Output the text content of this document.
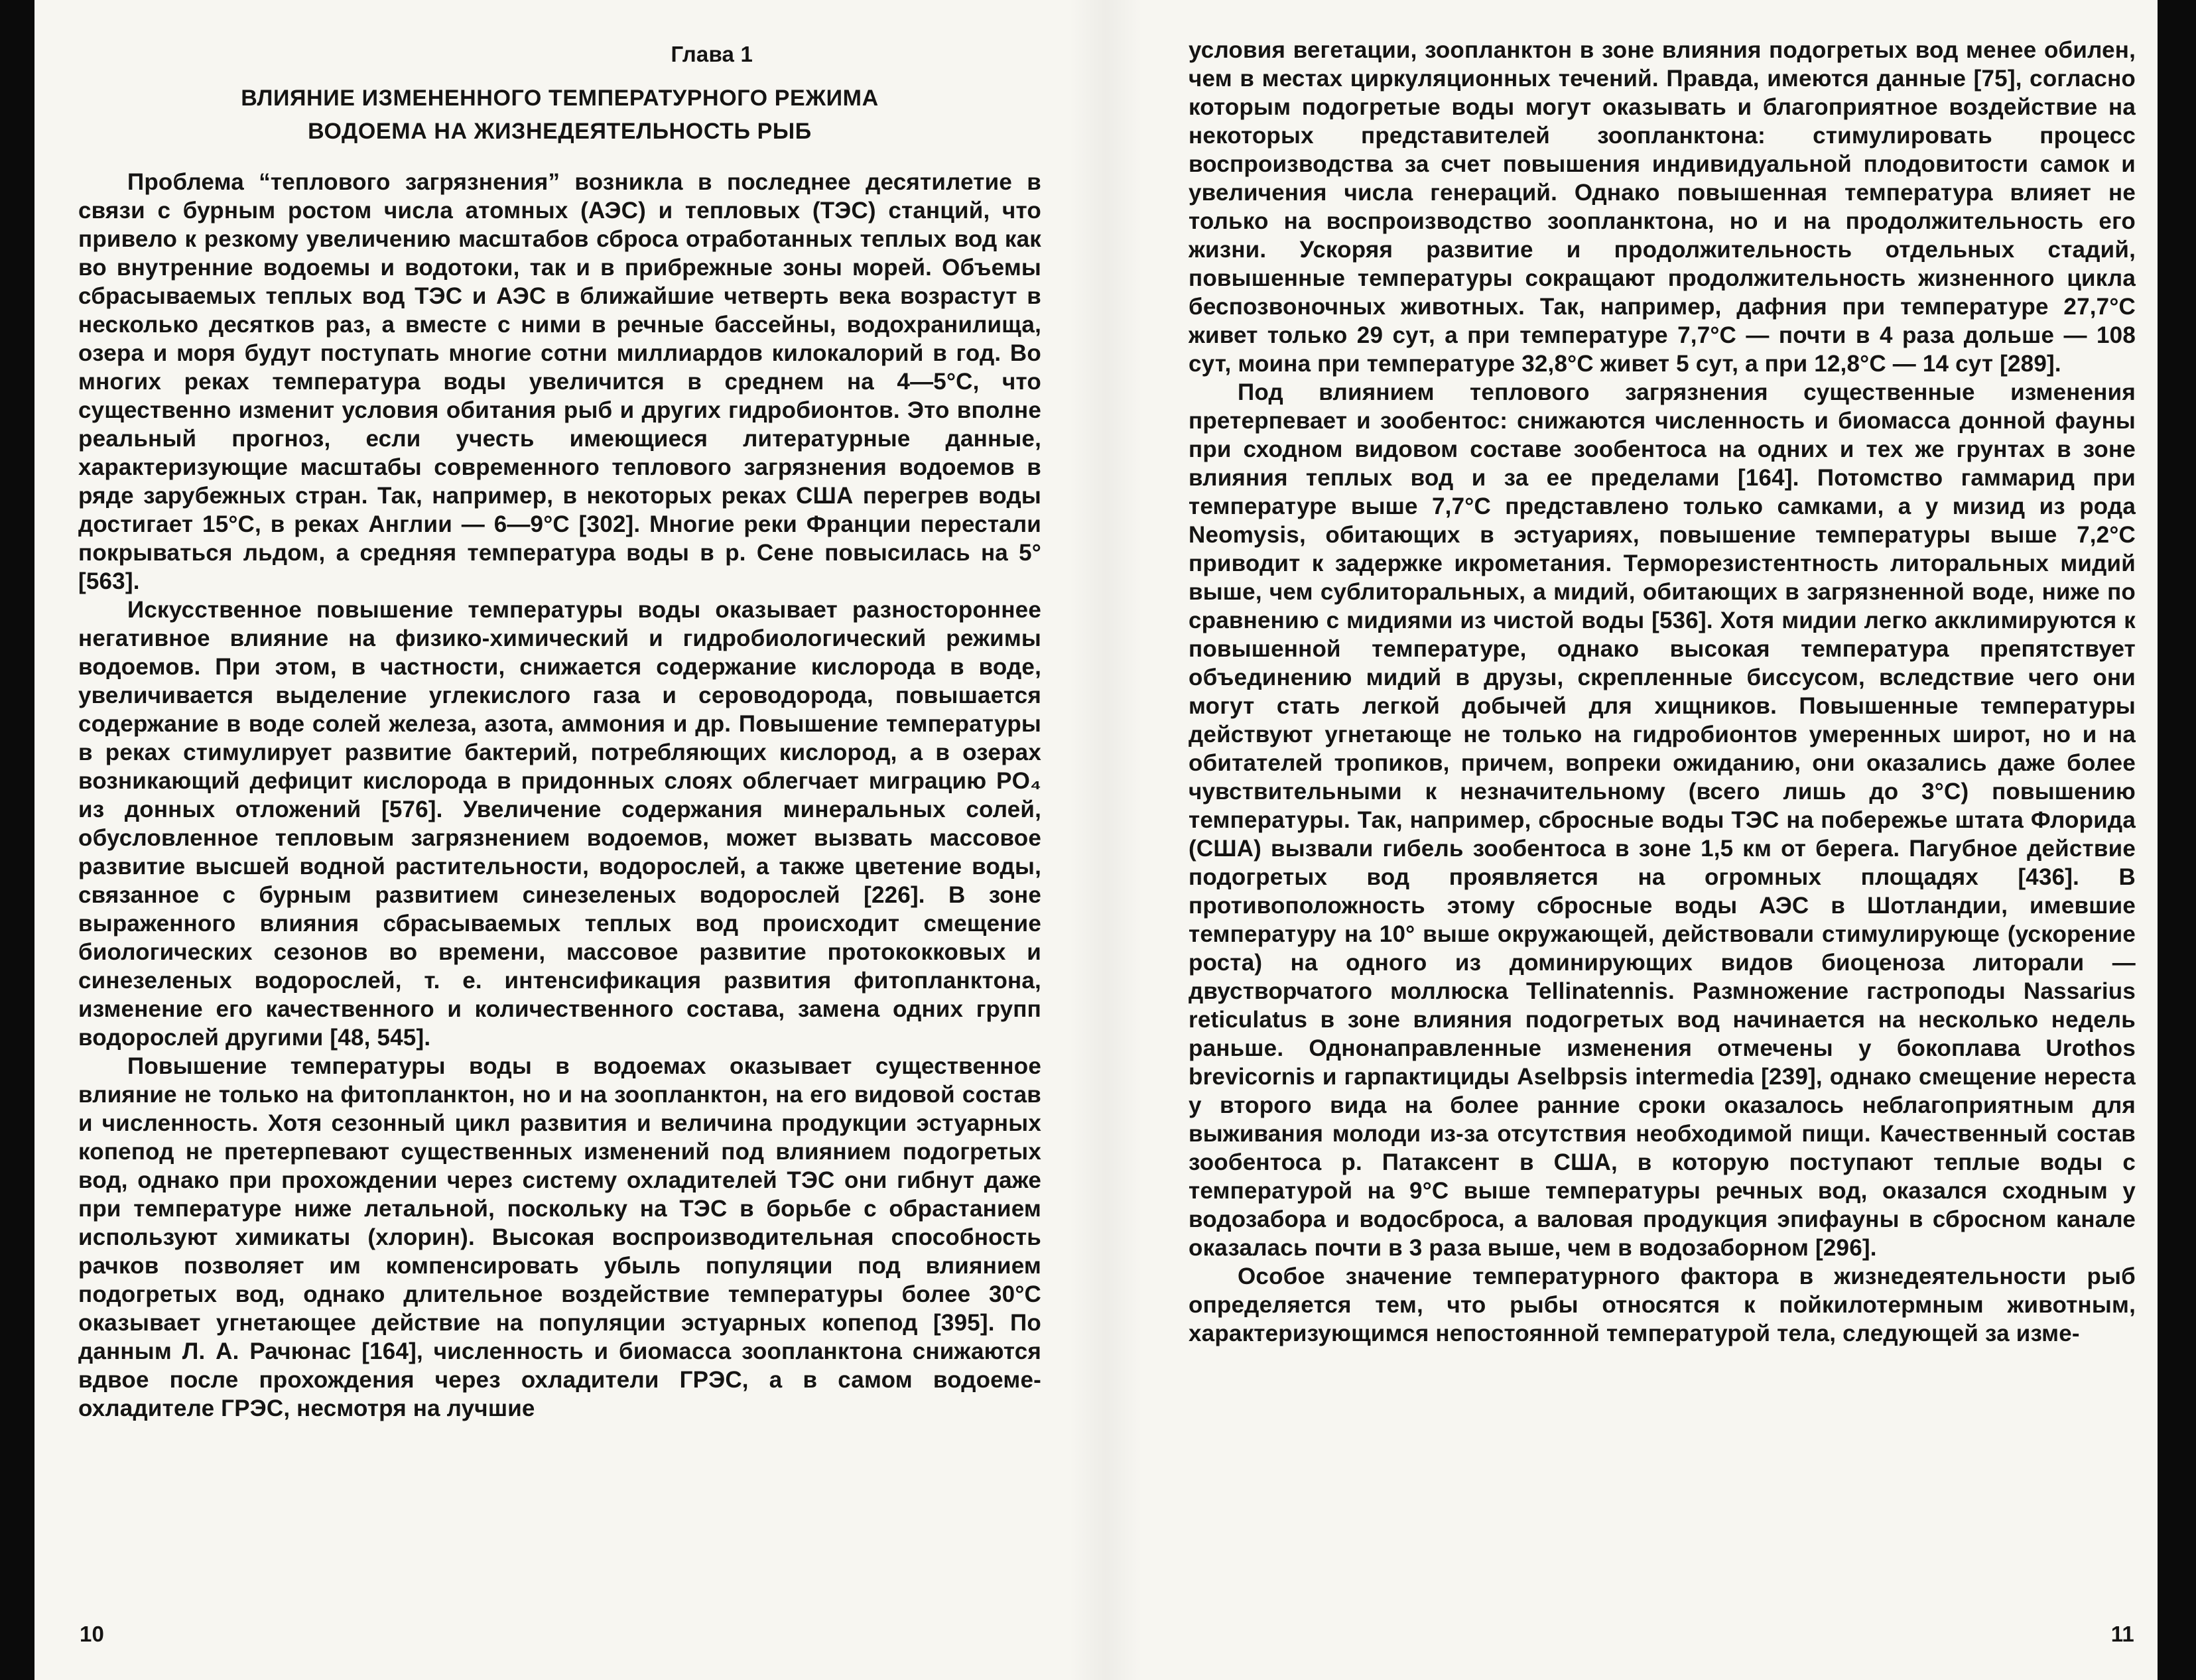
Глава 1
ВЛИЯНИЕ ИЗМЕНЕННОГО ТЕМПЕРАТУРНОГО РЕЖИМА
ВОДОЕМА НА ЖИЗНЕДЕЯТЕЛЬНОСТЬ РЫБ

Проблема “теплового загрязнения” возникла в последнее десятилетие в связи с бурным ростом числа атомных (АЭС) и тепловых (ТЭС) станций, что привело к резкому увеличению масштабов сброса отработанных теплых вод как во внутренние водоемы и водотоки, так и в прибрежные зоны морей. Объемы сбрасываемых теплых вод ТЭС и АЭС в ближайшие четверть века возрастут в несколько десятков раз, а вместе с ними в речные бассейны, водохранилища, озера и моря будут поступать многие сотни миллиардов килокалорий в год. Во многих реках температура воды увеличится в среднем на 4—5°С, что существенно изменит условия обитания рыб и других гидробионтов. Это вполне реальный прогноз, если учесть имеющиеся литературные данные, характеризующие масштабы современного теплового загрязнения водоемов в ряде зарубежных стран. Так, например, в некоторых реках США перегрев воды достигает 15°С, в реках Англии — 6—9°С [302]. Многие реки Франции перестали покрываться льдом, а средняя температура воды в р. Сене повысилась на 5° [563].

Искусственное повышение температуры воды оказывает разностороннее негативное влияние на физико-химический и гидробиологический режимы водоемов. При этом, в частности, снижается содержание кислорода в воде, увеличивается выделение углекислого газа и сероводорода, повышается содержание в воде солей железа, азота, аммония и др. Повышение температуры в реках стимулирует развитие бактерий, потребляющих кислород, а в озерах возникающий дефицит кислорода в придонных слоях облегчает миграцию PO₄ из донных отложений [576]. Увеличение содержания минеральных солей, обусловленное тепловым загрязнением водоемов, может вызвать массовое развитие высшей водной растительности, водорослей, а также цветение воды, связанное с бурным развитием синезеленых водорослей [226]. В зоне выраженного влияния сбрасываемых теплых вод происходит смещение биологических сезонов во времени, массовое развитие протококковых и синезеленых водорослей, т. е. интенсификация развития фитопланктона, изменение его качественного и количественного состава, замена одних групп водорослей другими [48, 545].

Повышение температуры воды в водоемах оказывает существенное влияние не только на фитопланктон, но и на зоопланктон, на его видовой состав и численность. Хотя сезонный цикл развития и величина продукции эстуарных копепод не претерпевают существенных изменений под влиянием подогретых вод, однако при прохождении через систему охладителей ТЭС они гибнут даже при температуре ниже летальной, поскольку на ТЭС в борьбе с обрастанием используют химикаты (хлорин). Высокая воспроизводительная способность рачков позволяет им компенсировать убыль популяции под влиянием подогретых вод, однако длительное воздействие температуры более 30°С оказывает угнетающее действие на популяции эстуарных копепод [395]. По данным Л. А. Рачюнас [164], численность и биомасса зоопланктона снижаются вдвое после прохождения через охладители ГРЭС, а в самом водоеме-охладителе ГРЭС, несмотря на лучшие

10

условия вегетации, зоопланктон в зоне влияния подогретых вод менее обилен, чем в местах циркуляционных течений. Правда, имеются данные [75], согласно которым подогретые воды могут оказывать и благоприятное воздействие на некоторых представителей зоопланктона: стимулировать процесс воспроизводства за счет повышения индивидуальной плодовитости самок и увеличения числа генераций. Однако повышенная температура влияет не только на воспроизводство зоопланктона, но и на продолжительность его жизни. Ускоряя развитие и продолжительность отдельных стадий, повышенные температуры сокращают продолжительность жизненного цикла беспозвоночных животных. Так, например, дафния при температуре 27,7°С живет только 29 сут, а при температуре 7,7°С — почти в 4 раза дольше — 108 сут, моина при температуре 32,8°С живет 5 сут, а при 12,8°С — 14 сут [289].

Под влиянием теплового загрязнения существенные изменения претерпевает и зообентос: снижаются численность и биомасса донной фауны при сходном видовом составе зообентоса на одних и тех же грунтах в зоне влияния теплых вод и за ее пределами [164]. Потомство гаммарид при температуре выше 7,7°С представлено только самками, а у мизид из рода Neomysis, обитающих в эстуариях, повышение температуры выше 7,2°С приводит к задержке икрометания. Терморезистентность литоральных мидий выше, чем сублиторальных, а мидий, обитающих в загрязненной воде, ниже по сравнению с мидиями из чистой воды [536]. Хотя мидии легко акклимируются к повышенной температуре, однако высокая температура препятствует объединению мидий в друзы, скрепленные биссусом, вследствие чего они могут стать легкой добычей для хищников. Повышенные температуры действуют угнетающе не только на гидробионтов умеренных широт, но и на обитателей тропиков, причем, вопреки ожиданию, они оказались даже более чувствительными к незначительному (всего лишь до 3°С) повышению температуры. Так, например, сбросные воды ТЭС на побережье штата Флорида (США) вызвали гибель зообентоса в зоне 1,5 км от берега. Пагубное действие подогретых вод проявляется на огромных площадях [436]. В противоположность этому сбросные воды АЭС в Шотландии, имевшие температуру на 10° выше окружающей, действовали стимулирующе (ускорение роста) на одного из доминирующих видов биоценоза литорали — двустворчатого моллюска Tellinatennis. Размножение гастроподы Nassarius reticulatus в зоне влияния подогретых вод начинается на несколько недель раньше. Однонаправленные изменения отмечены у бокоплава Urothos brevicornis и гарпактициды Aselbpsis intermedia [239], однако смещение нереста у второго вида на более ранние сроки оказалось неблагоприятным для выживания молоди из-за отсутствия необходимой пищи. Качественный состав зообентоса р. Патаксент в США, в которую поступают теплые воды с температурой на 9°С выше температуры речных вод, оказался сходным у водозабора и водосброса, а валовая продукция эпифауны в сбросном канале оказалась почти в 3 раза выше, чем в водозаборном [296].

Особое значение температурного фактора в жизнедеятельности рыб определяется тем, что рыбы относятся к пойкилотермным животным, характеризующимся непостоянной температурой тела, следующей за изме-

11
